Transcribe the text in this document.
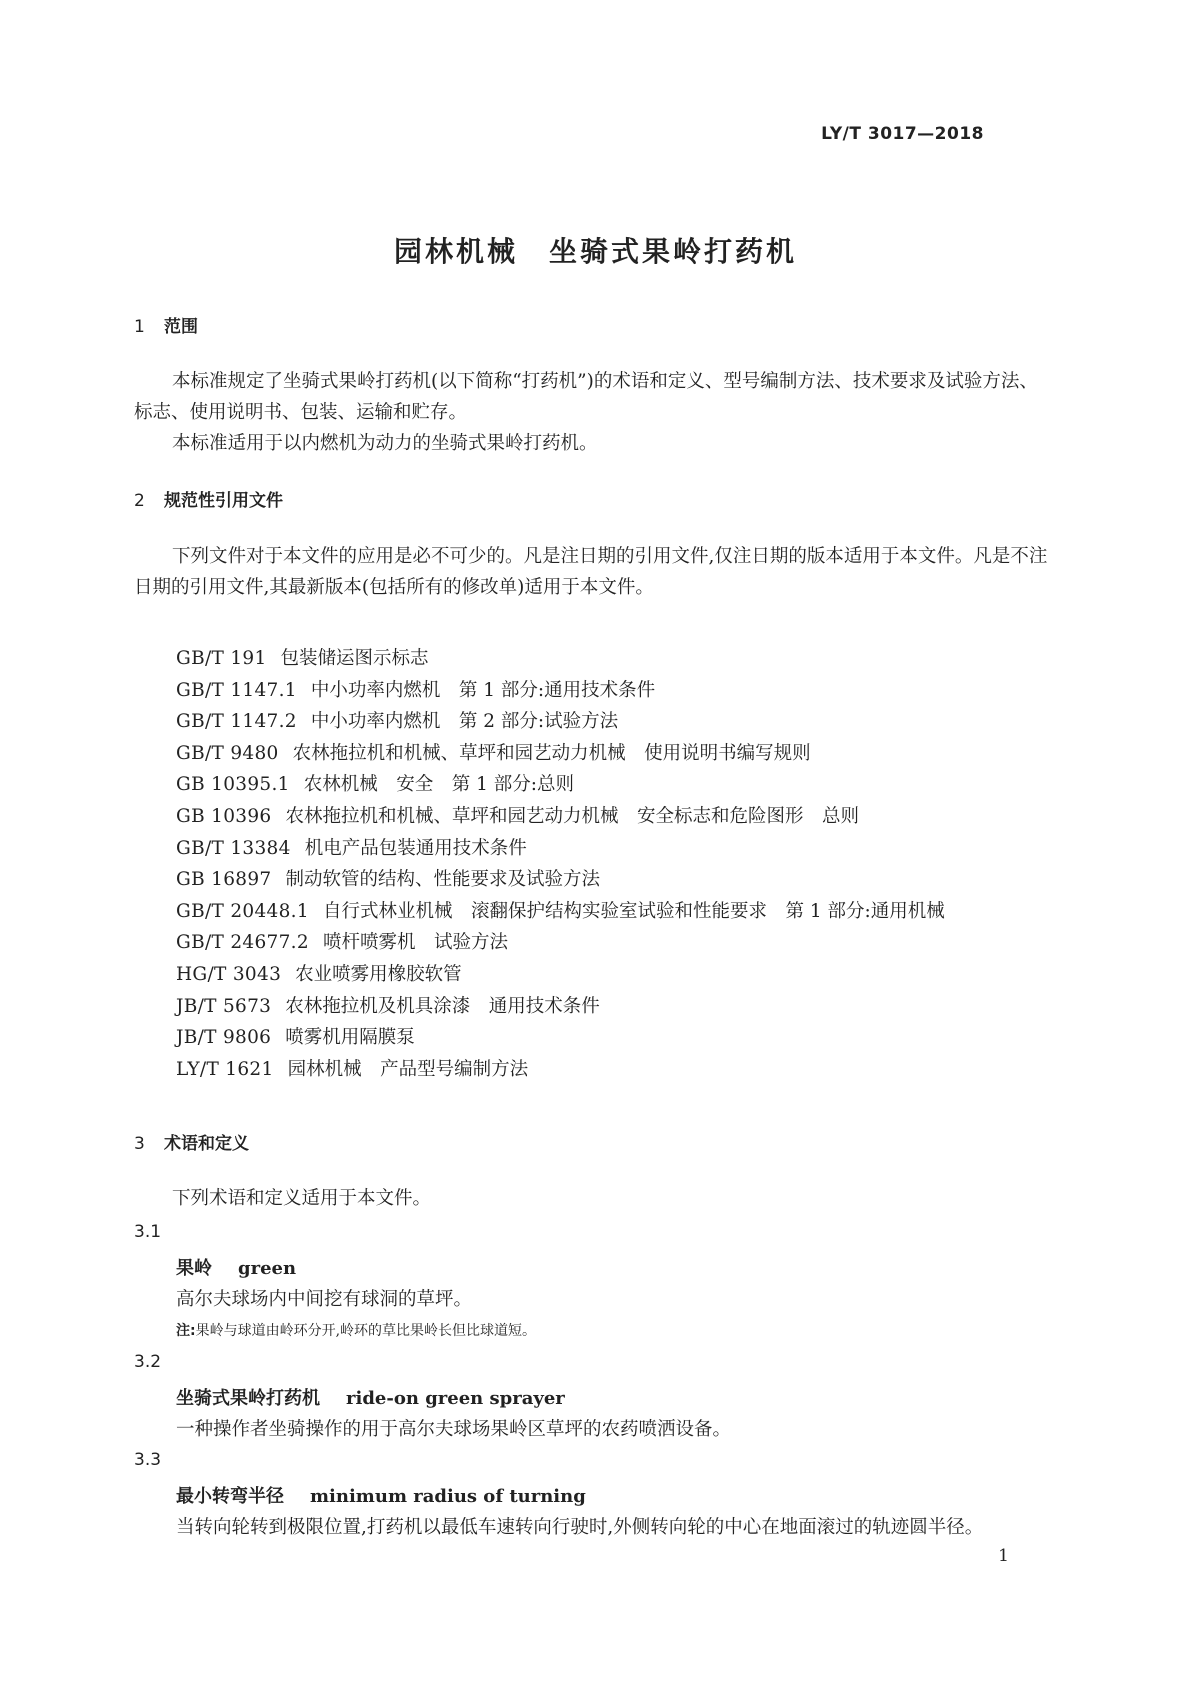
LY/T 3017—2018
园林机械　坐骑式果岭打药机
1 范围

本标准规定了坐骑式果岭打药机(以下简称“打药机”)的术语和定义、型号编制方法、技术要求及试验方法、标志、使用说明书、包装、运输和贮存。

本标准适用于以内燃机为动力的坐骑式果岭打药机。

2 规范性引用文件

下列文件对于本文件的应用是必不可少的。凡是注日期的引用文件,仅注日期的版本适用于本文件。凡是不注日期的引用文件,其最新版本(包括所有的修改单)适用于本文件。

GB/T 191 包装储运图示标志
GB/T 1147.1 中小功率内燃机　第 1 部分:通用技术条件
GB/T 1147.2 中小功率内燃机　第 2 部分:试验方法
GB/T 9480 农林拖拉机和机械、草坪和园艺动力机械　使用说明书编写规则
GB 10395.1 农林机械　安全　第 1 部分:总则
GB 10396 农林拖拉机和机械、草坪和园艺动力机械　安全标志和危险图形　总则
GB/T 13384 机电产品包装通用技术条件
GB 16897 制动软管的结构、性能要求及试验方法
GB/T 20448.1 自行式林业机械　滚翻保护结构实验室试验和性能要求　第 1 部分:通用机械
GB/T 24677.2 喷杆喷雾机　试验方法
HG/T 3043 农业喷雾用橡胶软管
JB/T 5673 农林拖拉机及机具涂漆　通用技术条件
JB/T 9806 喷雾机用隔膜泵
LY/T 1621 园林机械　产品型号编制方法
3 术语和定义

下列术语和定义适用于本文件。

3.1
果岭 green
高尔夫球场内中间挖有球洞的草坪。
注:果岭与球道由岭环分开,岭环的草比果岭长但比球道短。
3.2
坐骑式果岭打药机 ride-on green sprayer
一种操作者坐骑操作的用于高尔夫球场果岭区草坪的农药喷洒设备。
3.3
最小转弯半径 minimum radius of turning
当转向轮转到极限位置,打药机以最低车速转向行驶时,外侧转向轮的中心在地面滚过的轨迹圆半径。
1
